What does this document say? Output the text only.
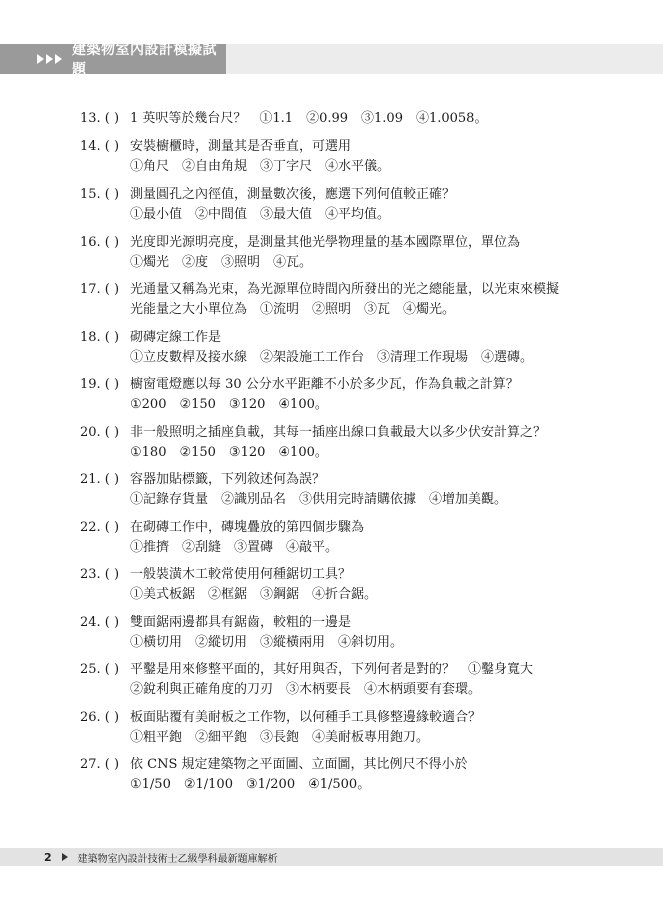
建築物室內設計模擬試題
13. ( ) 1 英呎等於幾台尺？　①1.1　②0.99　③1.09　④1.0058。
14. ( ) 安裝櫥櫃時，測量其是否垂直，可選用
①角尺　②自由角規　③丁字尺　④水平儀。
15. ( ) 測量圓孔之內徑值，測量數次後，應選下列何值較正確？
①最小值　②中間值　③最大值　④平均值。
16. ( ) 光度即光源明亮度，是測量其他光學物理量的基本國際單位，單位為
①燭光　②度　③照明　④瓦。
17. ( ) 光通量又稱為光束，為光源單位時間內所發出的光之總能量，以光束來模擬
光能量之大小單位為　①流明　②照明　③瓦　④燭光。
18. ( ) 砌磚定線工作是
①立皮數桿及接水線　②架設施工工作台　③清理工作現場　④選磚。
19. ( ) 櫥窗電燈應以每 30 公分水平距離不小於多少瓦，作為負載之計算？
①200　②150　③120　④100。
20. ( ) 非一般照明之插座負載，其每一插座出線口負載最大以多少伏安計算之？
①180　②150　③120　④100。
21. ( ) 容器加貼標籤，下列敘述何為誤？
①記錄存貨量　②識別品名　③供用完時請購依據　④增加美觀。
22. ( ) 在砌磚工作中，磚塊疊放的第四個步驟為
①推擠　②刮縫　③置磚　④敲平。
23. ( ) 一般裝潢木工較常使用何種鋸切工具？
①美式板鋸　②框鋸　③鋼鋸　④折合鋸。
24. ( ) 雙面鋸兩邊都具有鋸齒，較粗的一邊是
①橫切用　②縱切用　③縱橫兩用　④斜切用。
25. ( ) 平鑿是用來修整平面的，其好用與否，下列何者是對的？　①鑿身寬大
②銳利與正確角度的刀刃　③木柄要長　④木柄頭要有套環。
26. ( ) 板面貼覆有美耐板之工作物，以何種手工具修整邊緣較適合？
①粗平鉋　②細平鉋　③長鉋　④美耐板專用鉋刀。
27. ( ) 依 CNS 規定建築物之平面圖、立面圖，其比例尺不得小於
①1/50　②1/100　③1/200　④1/500。
2	建築物室內設計技術士乙級學科最新題庫解析
